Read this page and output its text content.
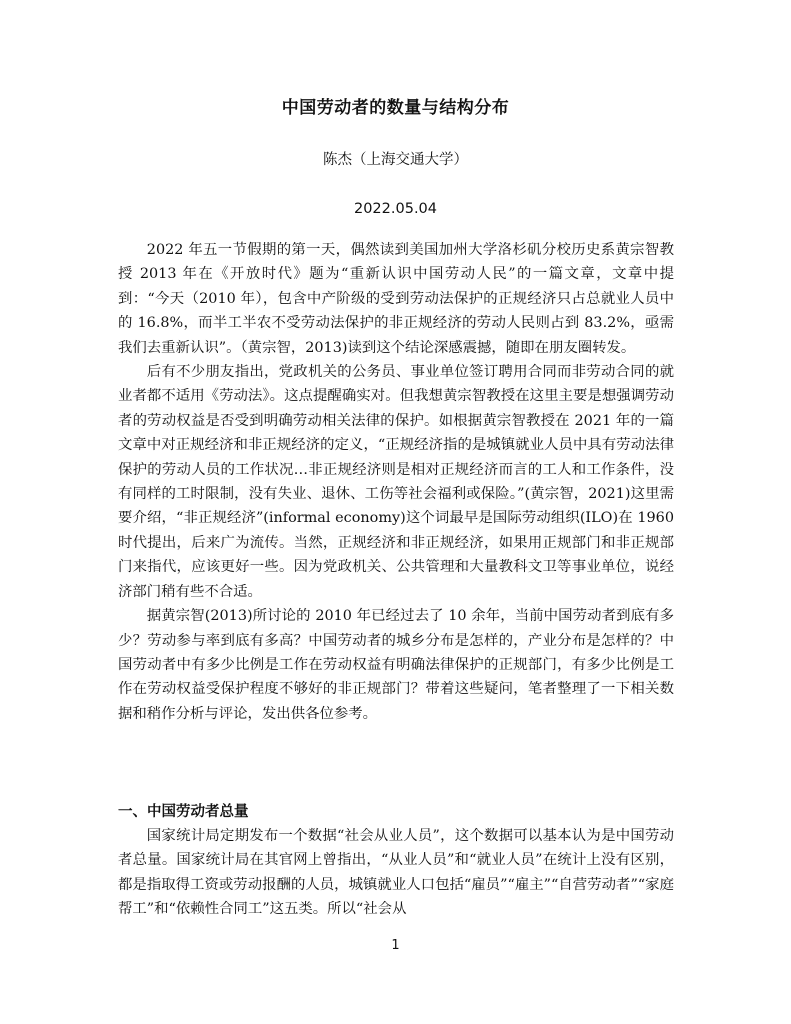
中国劳动者的数量与结构分布

陈杰（上海交通大学）

2022.05.04

2022 年五一节假期的第一天，偶然读到美国加州大学洛杉矶分校历史系黄宗智教授 2013 年在《开放时代》题为“重新认识中国劳动人民”的一篇文章，文章中提到：“今天（2010 年），包含中产阶级的受到劳动法保护的正规经济只占总就业人员中的 16.8%，而半工半农不受劳动法保护的非正规经济的劳动人民则占到 83.2%，亟需我们去重新认识”。（黄宗智，2013)读到这个结论深感震撼，随即在朋友圈转发。

后有不少朋友指出，党政机关的公务员、事业单位签订聘用合同而非劳动合同的就业者都不适用《劳动法》。这点提醒确实对。但我想黄宗智教授在这里主要是想强调劳动者的劳动权益是否受到明确劳动相关法律的保护。如根据黄宗智教授在 2021 年的一篇文章中对正规经济和非正规经济的定义，“正规经济指的是城镇就业人员中具有劳动法律保护的劳动人员的工作状况…非正规经济则是相对正规经济而言的工人和工作条件，没有同样的工时限制，没有失业、退休、工伤等社会福利或保险。”(黄宗智，2021)这里需要介绍，“非正规经济”(informal economy)这个词最早是国际劳动组织(ILO)在 1960 时代提出，后来广为流传。当然，正规经济和非正规经济，如果用正规部门和非正规部门来指代，应该更好一些。因为党政机关、公共管理和大量教科文卫等事业单位，说经济部门稍有些不合适。

据黄宗智(2013)所讨论的 2010 年已经过去了 10 余年，当前中国劳动者到底有多少？劳动参与率到底有多高？中国劳动者的城乡分布是怎样的，产业分布是怎样的？中国劳动者中有多少比例是工作在劳动权益有明确法律保护的正规部门，有多少比例是工作在劳动权益受保护程度不够好的非正规部门？带着这些疑问，笔者整理了一下相关数据和稍作分析与评论，发出供各位参考。

一、中国劳动者总量

国家统计局定期发布一个数据“社会从业人员”，这个数据可以基本认为是中国劳动者总量。国家统计局在其官网上曾指出，“从业人员”和“就业人员”在统计上没有区别，都是指取得工资或劳动报酬的人员，城镇就业人口包括“雇员”“雇主”“自营劳动者”“家庭帮工”和“依赖性合同工”这五类。所以“社会从

1
